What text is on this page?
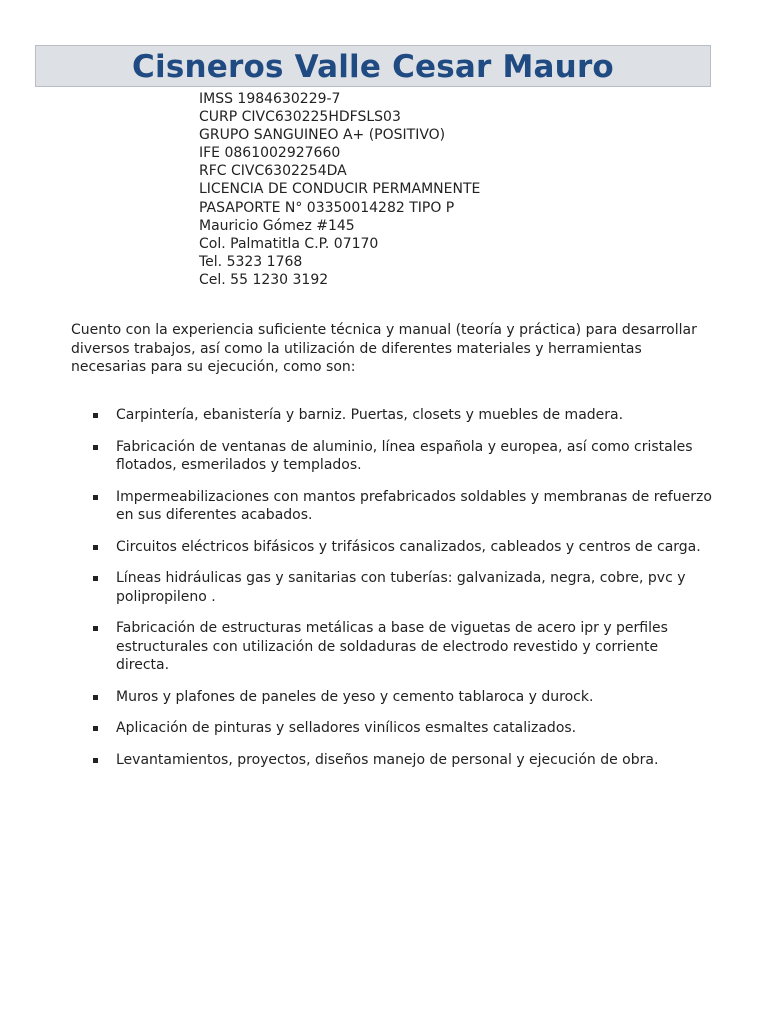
Cisneros Valle Cesar Mauro
IMSS 1984630229-7
CURP CIVC630225HDFSLS03
GRUPO SANGUINEO A+ (POSITIVO)
IFE 0861002927660
RFC CIVC6302254DA
LICENCIA DE CONDUCIR PERMAMNENTE
PASAPORTE N° 03350014282 TIPO P
Mauricio Gómez #145
Col. Palmatitla C.P. 07170
Tel. 5323 1768
Cel. 55 1230 3192

Cuento con la experiencia suficiente técnica y manual (teoría y práctica) para desarrollar diversos trabajos, así como la utilización de diferentes materiales y herramientas necesarias para su ejecución, como son:

Carpintería, ebanistería y barniz. Puertas, closets y muebles de madera.
Fabricación de ventanas de aluminio, línea española y europea, así como cristales flotados, esmerilados y templados.
Impermeabilizaciones con mantos prefabricados soldables y membranas de refuerzo en sus diferentes acabados.
Circuitos eléctricos bifásicos y trifásicos canalizados, cableados y centros de carga.
Líneas hidráulicas gas y sanitarias con tuberías: galvanizada, negra, cobre, pvc y polipropileno .
Fabricación de estructuras metálicas a base de viguetas de acero ipr y perfiles estructurales con utilización de soldaduras de electrodo revestido y corriente directa.
Muros y plafones de paneles de yeso y cemento tablaroca y durock.
Aplicación de pinturas y selladores vinílicos esmaltes catalizados.
Levantamientos, proyectos, diseños manejo de personal y ejecución de obra.
